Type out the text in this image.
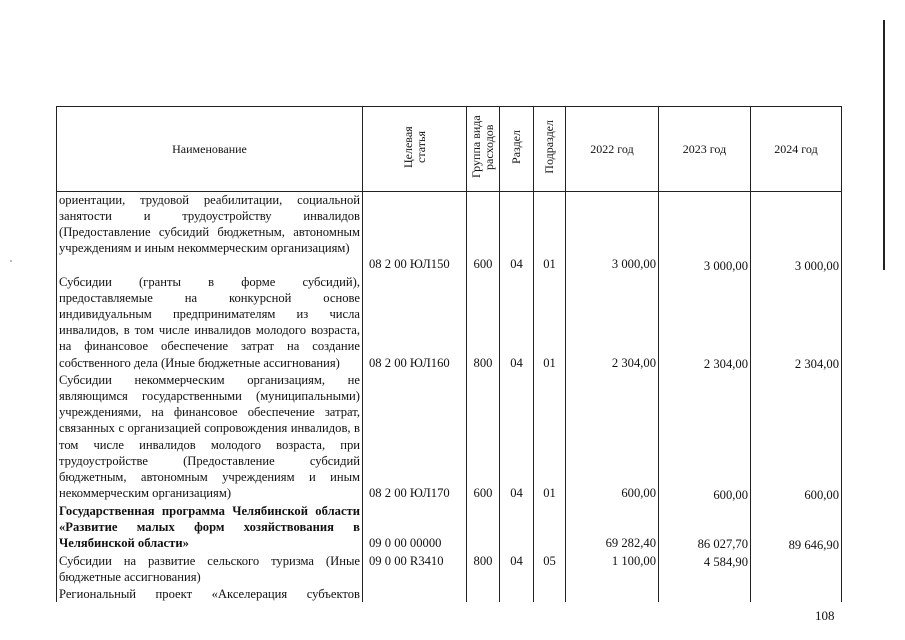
Наименование	Целевая статья	Группа вида расходов	Раздел	Подраздел	2022 год	2023 год	2024 год

ориентации, трудовой реабилитации, социальной занятости и трудоустройству инвалидов (Предоставление субсидий бюджетным, автономным учреждениям и иным некоммерческим организациям)	08 2 00 ЮЛ150	600	04	01	3 000,00	3 000,00	3 000,00

Субсидии (гранты в форме субсидий), предоставляемые на конкурсной основе индивидуальным предпринимателям из числа инвалидов, в том числе инвалидов молодого возраста, на финансовое обеспечение затрат на создание собственного дела (Иные бюджетные ассигнования)	08 2 00 ЮЛ160	800	04	01	2 304,00	2 304,00	2 304,00

Субсидии некоммерческим организациям, не являющимся государственными (муниципальными) учреждениями, на финансовое обеспечение затрат, связанных с организацией сопровождения инвалидов, в том числе инвалидов молодого возраста, при трудоустройстве (Предоставление субсидий бюджетным, автономным учреждениям и иным некоммерческим организациям)	08 2 00 ЮЛ170	600	04	01	600,00	600,00	600,00

Государственная программа Челябинской области «Развитие малых форм хозяйствования в Челябинской области»	09 0 00 00000				69 282,40	86 027,70	89 646,90

Субсидии на развитие сельского туризма (Иные бюджетные ассигнования)	09 0 00 R3410	800	04	05	1 100,00	4 584,90	

Региональный проект «Акселерация субъектов							

108
